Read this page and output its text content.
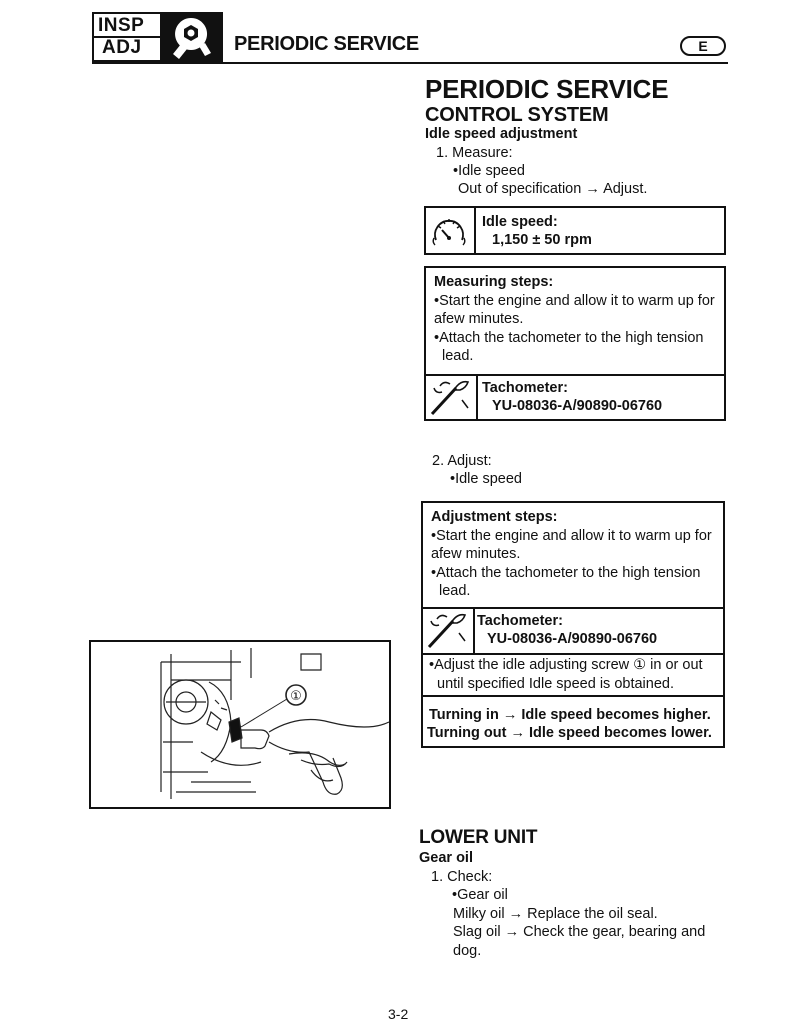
INSP
ADJ	PERIODIC SERVICE	E
PERIODIC SERVICE
CONTROL SYSTEM
Idle speed adjustment
1. Measure:
•Idle speed
Out of specification → Adjust.
Idle speed:
1,150 ± 50 rpm
Measuring steps:
•Start the engine and allow it to warm up for a few minutes.
•Attach the tachometer to the high tension
lead.
Tachometer:
YU-08036-A/90890-06760
2. Adjust:
•Idle speed
Adjustment steps:
•Start the engine and allow it to warm up for a few minutes.
•Attach the tachometer to the high tension
lead.
Tachometer:
YU-08036-A/90890-06760
•Adjust the idle adjusting screw ① in or out
until specified Idle speed is obtained.
Turning in → Idle speed becomes higher.
Turning out → Idle speed becomes lower.
①
LOWER UNIT
Gear oil
1. Check:
•Gear oil
Milky oil → Replace the oil seal.
Slag oil → Check the gear, bearing and
dog.
3-2
